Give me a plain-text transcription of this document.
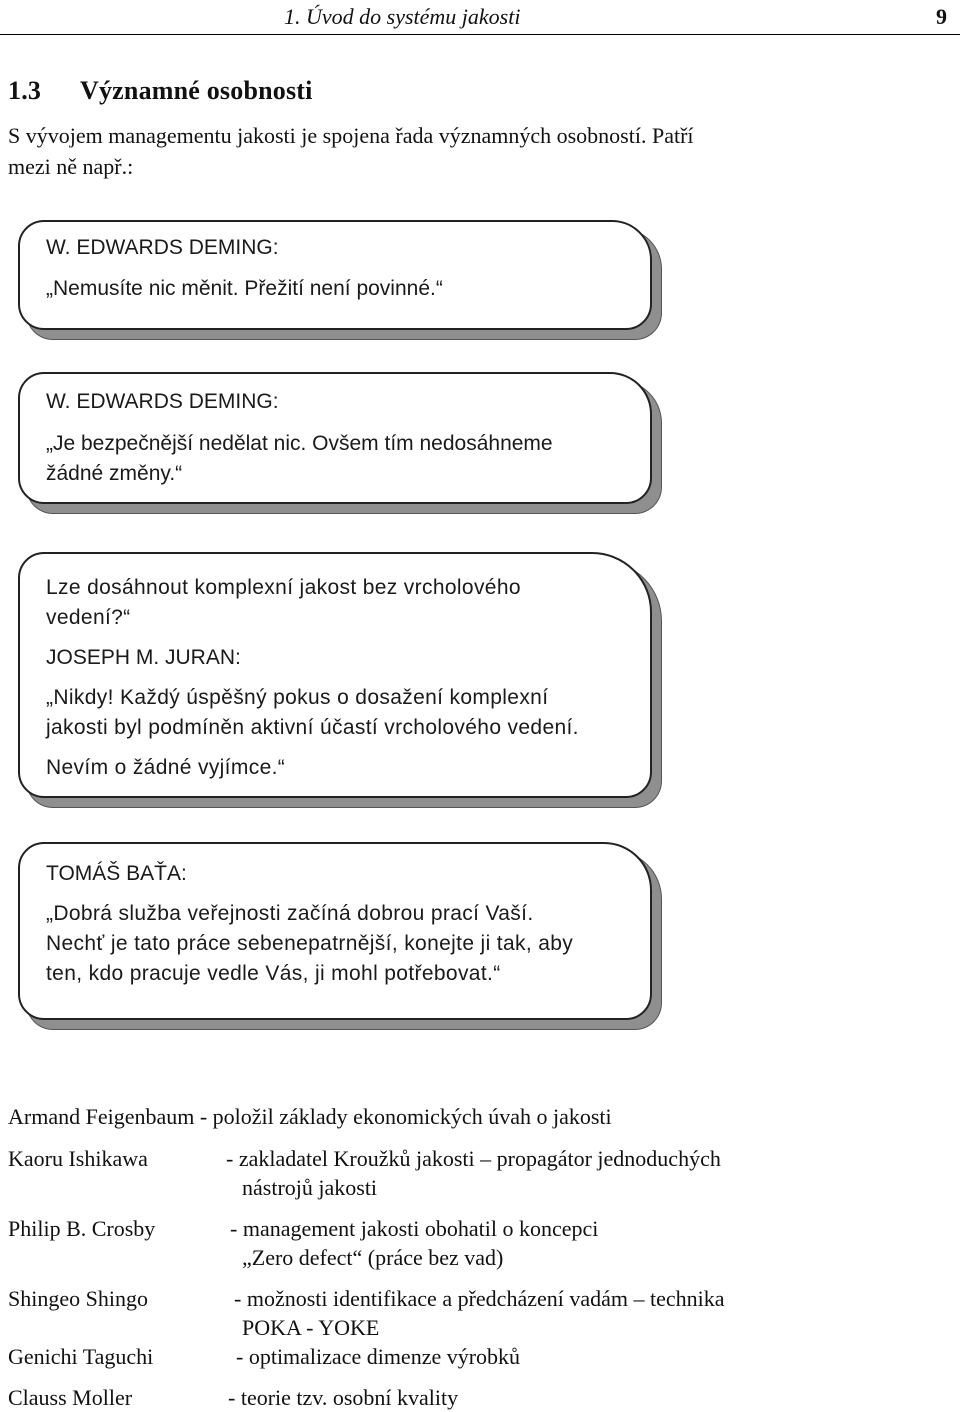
1. Úvod do systému jakosti	9
1.3 Významné osobnosti
S vývojem managementu jakosti je spojena řada významných osobností. Patří
mezi ně např.:
W. EDWARDS DEMING:
„Nemusíte nic měnit. Přežití není povinné.“
W. EDWARDS DEMING:
„Je bezpečnější nedělat nic. Ovšem tím nedosáhneme
žádné změny.“
Lze dosáhnout komplexní jakost bez vrcholového
vedení?“
JOSEPH M. JURAN:
„Nikdy! Každý úspěšný pokus o dosažení komplexní
jakosti byl podmíněn aktivní účastí vrcholového vedení.
Nevím o žádné vyjímce.“
TOMÁŠ BAŤA:
„Dobrá služba veřejnosti začíná dobrou prací Vaší.
Nechť je tato práce sebenepatrnější, konejte ji tak, aby
ten, kdo pracuje vedle Vás, ji mohl potřebovat.“
Armand Feigenbaum - položil základy ekonomických úvah o jakosti
Kaoru Ishikawa	- zakladatel Kroužků jakosti – propagátor jednoduchých
nástrojů jakosti
Philip B. Crosby	- management jakosti obohatil o koncepci
„Zero defect“ (práce bez vad)
Shingeo Shingo	- možnosti identifikace a předcházení vadám – technika
POKA - YOKE
Genichi Taguchi	- optimalizace dimenze výrobků
Clauss Moller	- teorie tzv. osobní kvality
